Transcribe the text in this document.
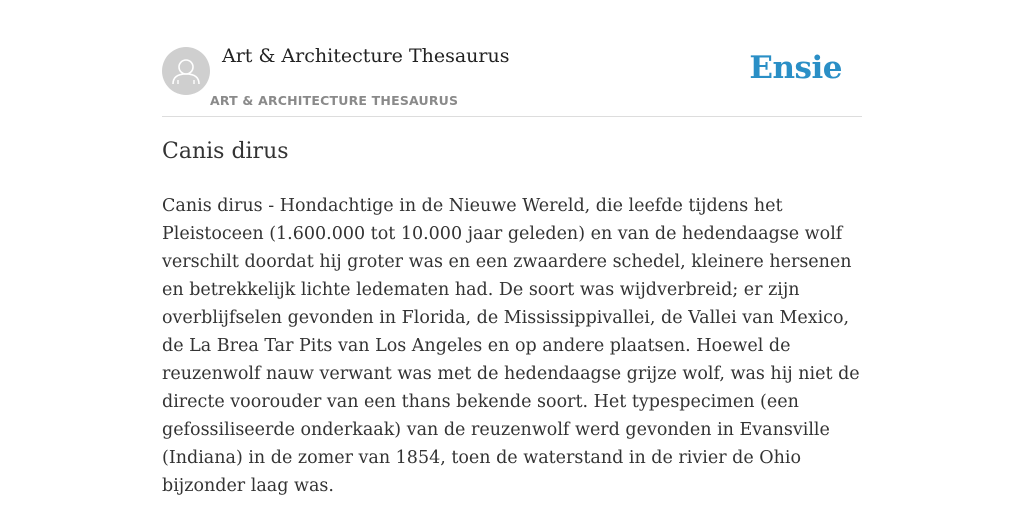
Art & Architecture Thesaurus
ART & ARCHITECTURE THESAURUS
Ensie
Canis dirus

Canis dirus - Hondachtige in de Nieuwe Wereld, die leefde tijdens het Pleistoceen (1.600.000 tot 10.000 jaar geleden) en van de hedendaagse wolf verschilt doordat hij groter was en een zwaardere schedel, kleinere hersenen en betrekkelijk lichte ledematen had. De soort was wijdverbreid; er zijn overblijfselen gevonden in Florida, de Mississippivallei, de Vallei van Mexico, de La Brea Tar Pits van Los Angeles en op andere plaatsen. Hoewel de reuzenwolf nauw verwant was met de hedendaagse grijze wolf, was hij niet de directe voorouder van een thans bekende soort. Het typespecimen (een gefossiliseerde onderkaak) van de reuzenwolf werd gevonden in Evansville (Indiana) in de zomer van 1854, toen de waterstand in de rivier de Ohio bijzonder laag was.
